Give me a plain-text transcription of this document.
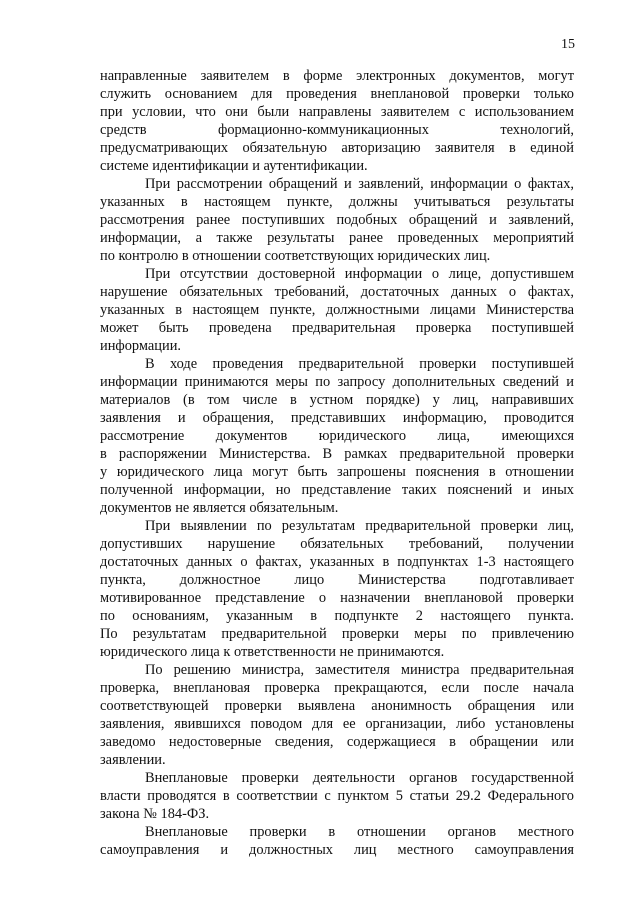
15
направленные заявителем в форме электронных документов, могут
служить основанием для проведения внеплановой проверки только
при условии, что они были направлены заявителем с использованием
средств формационно-коммуникационных технологий,
предусматривающих обязательную авторизацию заявителя в единой
системе идентификации и аутентификации.
При рассмотрении обращений и заявлений, информации о фактах,
указанных в настоящем пункте, должны учитываться результаты
рассмотрения ранее поступивших подобных обращений и заявлений,
информации, а также результаты ранее проведенных мероприятий
по контролю в отношении соответствующих юридических лиц.
При отсутствии достоверной информации о лице, допустившем
нарушение обязательных требований, достаточных данных о фактах,
указанных в настоящем пункте, должностными лицами Министерства
может быть проведена предварительная проверка поступившей
информации.
В ходе проведения предварительной проверки поступившей
информации принимаются меры по запросу дополнительных сведений и
материалов (в том числе в устном порядке) у лиц, направивших
заявления и обращения, представивших информацию, проводится
рассмотрение документов юридического лица, имеющихся
в распоряжении Министерства. В рамках предварительной проверки
у юридического лица могут быть запрошены пояснения в отношении
полученной информации, но представление таких пояснений и иных
документов не является обязательным.
При выявлении по результатам предварительной проверки лиц,
допустивших нарушение обязательных требований, получении
достаточных данных о фактах, указанных в подпунктах 1-3 настоящего
пункта, должностное лицо Министерства подготавливает
мотивированное представление о назначении внеплановой проверки
по основаниям, указанным в подпункте 2 настоящего пункта.
По результатам предварительной проверки меры по привлечению
юридического лица к ответственности не принимаются.
По решению министра, заместителя министра предварительная
проверка, внеплановая проверка прекращаются, если после начала
соответствующей проверки выявлена анонимность обращения или
заявления, явившихся поводом для ее организации, либо установлены
заведомо недостоверные сведения, содержащиеся в обращении или
заявлении.
Внеплановые проверки деятельности органов государственной
власти проводятся в соответствии с пунктом 5 статьи 29.2 Федерального
закона № 184-ФЗ.
Внеплановые проверки в отношении органов местного
самоуправления и должностных лиц местного самоуправления
